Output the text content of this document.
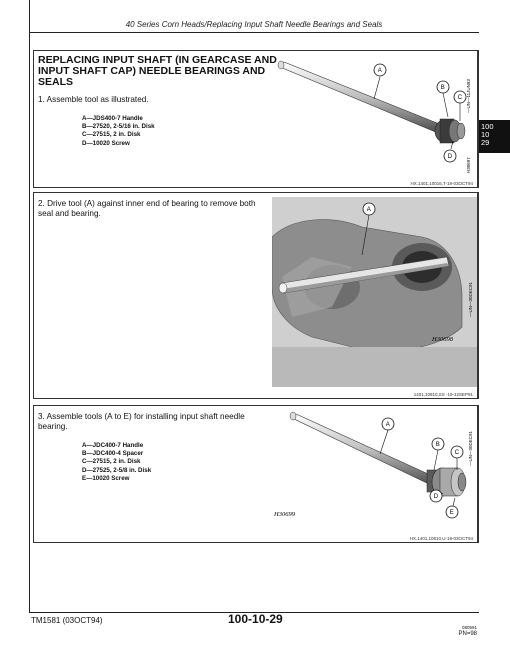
40 Series Corn Heads/Replacing Input Shaft Needle Bearings and Seals
REPLACING INPUT SHAFT (IN GEARCASE AND INPUT SHAFT CAP) NEEDLE BEARINGS AND SEALS
1. Assemble tool as illustrated.
A—JDS400-7 Handle
B—27520, 2-5/16 in. Disk
C—27515, 2 in. Disk
D—10020 Screw
A
B
C
D
H30697
—UN—11JUN93
HX,1401,10016,T-19-03OCT94
100
10
29
2. Drive tool (A) against inner end of bearing to remove both seal and bearing.	A
H30698
—UN—30DEC91
1401,10810,SS -19-12SEP91
3. Assemble tools (A to E) for installing input shaft needle bearing.
A—JDC400-7 Handle
B—JDC400-4 Spacer
C—27515, 2 in. Disk
D—27525, 2-5/8 in. Disk
E—10020 Screw
A
B
C
D
E
H30699
—UN—30DEC91
HX,1401,10810,U-19-03OCT94
TM1581 (03OCT94)	100-10-29
080591
PN=98
